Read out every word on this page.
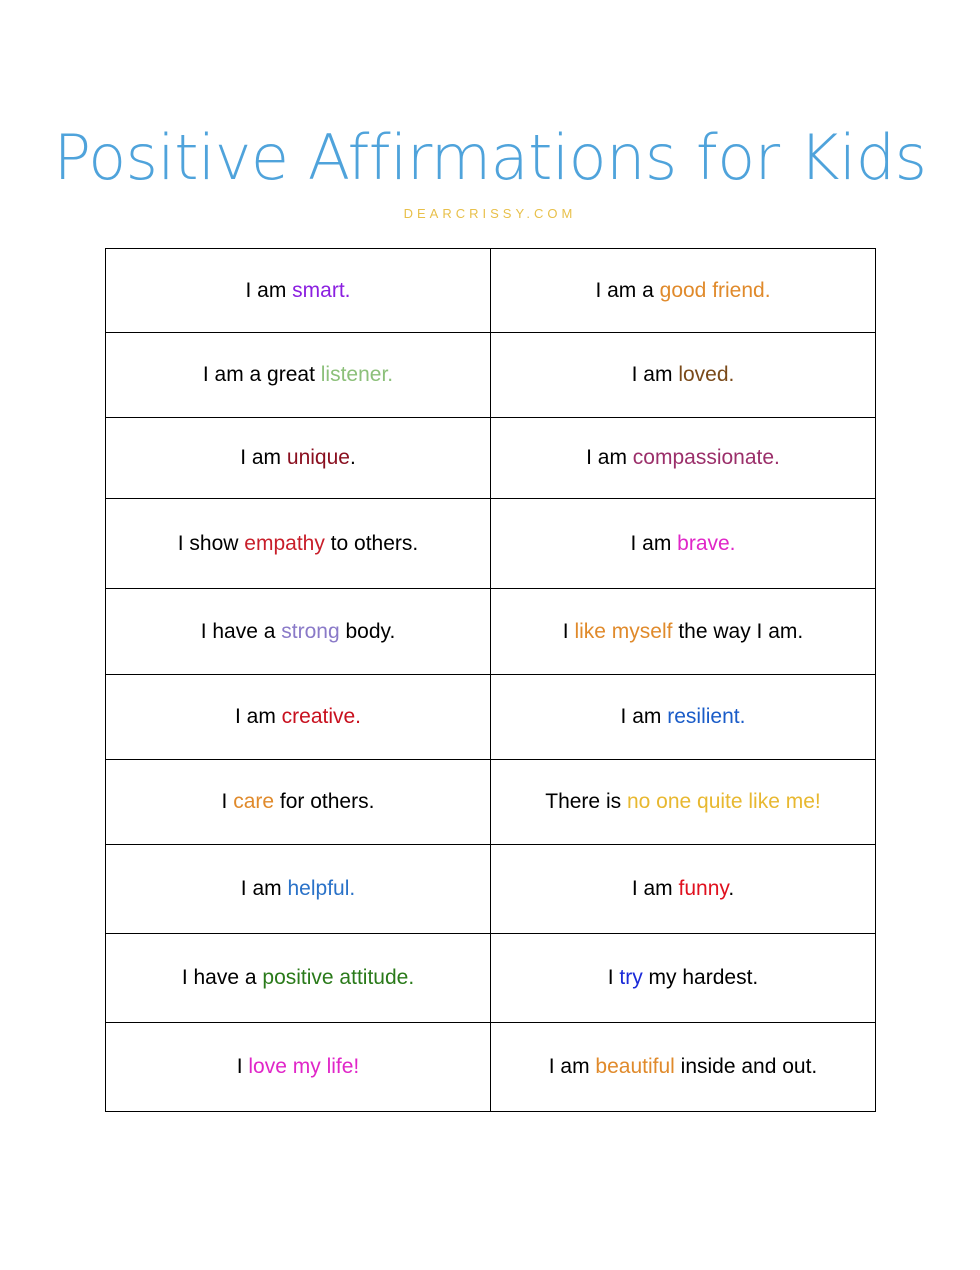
Positive Affirmations for Kids
DEARCRISSY.COM
I am smart.	I am a good friend.
I am a great listener.	I am loved.
I am unique.	I am compassionate.
I show empathy to others.	I am brave.
I have a strong body.	I like myself the way I am.
I am creative.	I am resilient.
I care for others.	There is no one quite like me!
I am helpful.	I am funny.
I have a positive attitude.	I try my hardest.
I love my life!	I am beautiful inside and out.
